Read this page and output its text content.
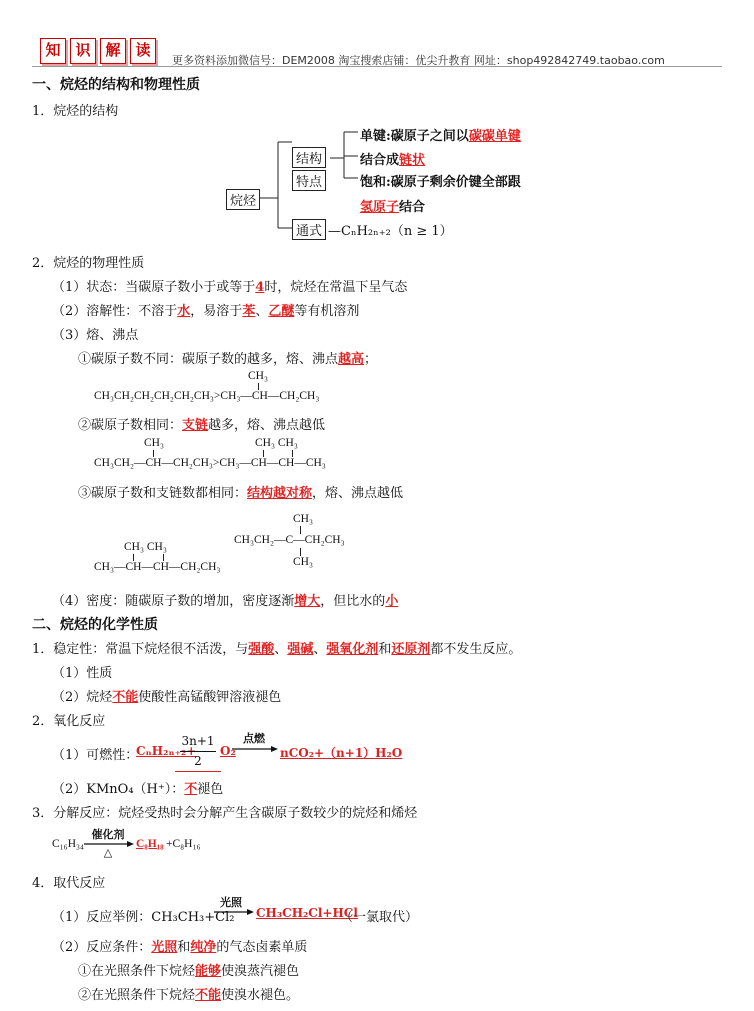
知 识 解 读
更多资料添加微信号：DEM2008 淘宝搜索店铺：优尖升教育 网址：shop492842749.taobao.com
一、烷烃的结构和物理性质
1．烷烃的结构
烷烃
结构
特点
通式
单键:碳原子之间以碳碳单键
结合成链状
饱和:碳原子剩余价键全部跟
氢原子结合
—CₙH₂ₙ₊₂（n ≥ 1）
2．烷烃的物理性质
（1）状态：当碳原子数小于或等于4时，烷烃在常温下呈气态
（2）溶解性：不溶于水，易溶于苯、乙醚等有机溶剂
（3）熔、沸点
①碳原子数不同：碳原子数的越多，熔、沸点越高；
CH₃
CH₃CH₂CH₂CH₂CH₂CH₃>CH₃—CH—CH₂CH₃
②碳原子数相同：支链越多，熔、沸点越低
CH₃	CH₃ CH₃
CH₃CH₂—CH—CH₂CH₃>CH₃—CH—CH—CH₃
③碳原子数和支链数都相同：结构越对称，熔、沸点越低
CH₃ CH₃
CH₃—CH—CH—CH₂CH₃
CH₃
CH₃CH₂—C—CH₂CH₃
CH₃
（4）密度：随碳原子数的增加，密度逐渐增大，但比水的小
二、烷烃的化学性质
1．稳定性：常温下烷烃很不活泼，与强酸、强碱、强氧化剂和还原剂都不发生反应。
（1）性质
（2）烷烃不能使酸性高锰酸钾溶液褪色
2．氧化反应
（1）可燃性：
CₙH₂ₙ₊₂+
3n+1
2
O₂
点燃
→ nCO₂+（n+1）H₂O
（2）KMnO₄（H⁺）：不褪色
3．分解反应：烷烃受热时会分解产生含碳原子数较少的烷烃和烯烃
C₁₆H₃₄
催化剂
△
C₈H₁₈ +C₈H₁₆
4．取代反应
（1）反应举例：CH₃CH₃+Cl₂
光照
→ CH₃CH₂Cl+HCl
（一氯取代）
（2）反应条件：光照和纯净的气态卤素单质
①在光照条件下烷烃能够使溴蒸汽褪色
②在光照条件下烷烃不能使溴水褪色。
